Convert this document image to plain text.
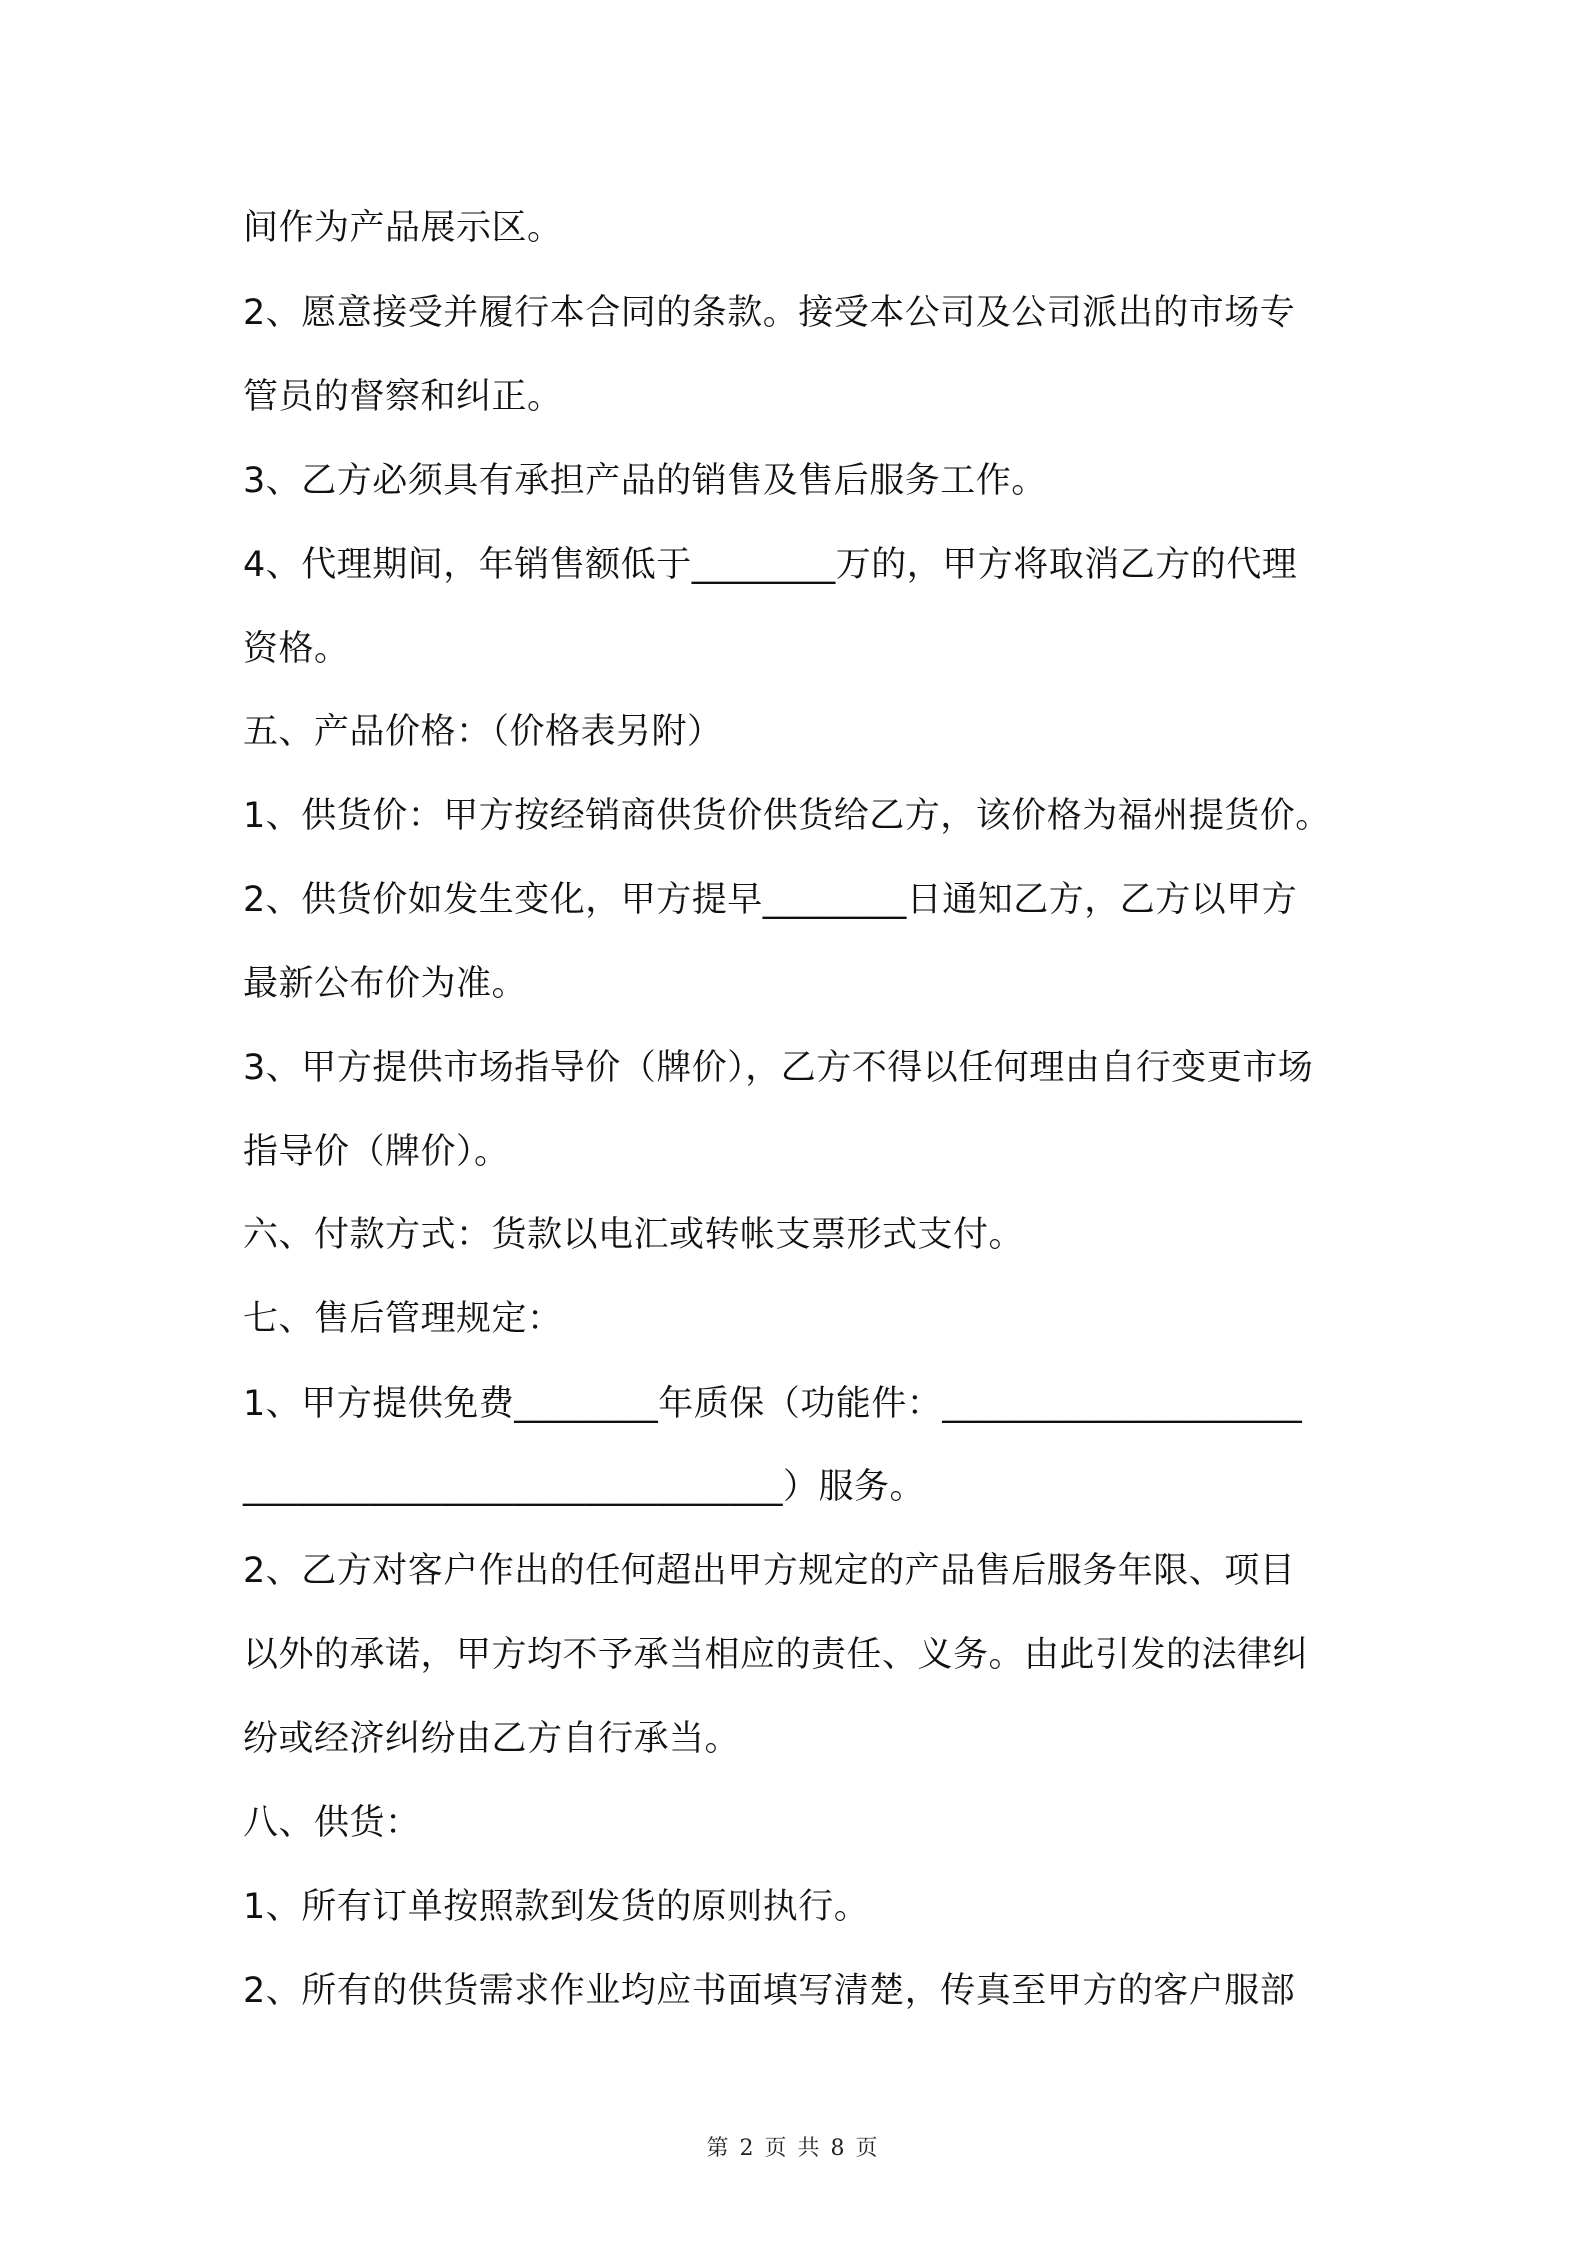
间作为产品展示区。
2、愿意接受并履行本合同的条款。接受本公司及公司派出的市场专
管员的督察和纠正。
3、乙方必须具有承担产品的销售及售后服务工作。
4、代理期间，年销售额低于________万的，甲方将取消乙方的代理
资格。
五、产品价格：（价格表另附）
1、供货价：甲方按经销商供货价供货给乙方，该价格为福州提货价。
2、供货价如发生变化，甲方提早________日通知乙方，乙方以甲方
最新公布价为准。
3、甲方提供市场指导价（牌价），乙方不得以任何理由自行变更市场
指导价（牌价）。
六、付款方式：货款以电汇或转帐支票形式支付。
七、售后管理规定：
1、甲方提供免费________年质保（功能件：____________________
______________________________）服务。
2、乙方对客户作出的任何超出甲方规定的产品售后服务年限、项目
以外的承诺，甲方均不予承当相应的责任、义务。由此引发的法律纠
纷或经济纠纷由乙方自行承当。
八、供货：
1、所有订单按照款到发货的原则执行。
2、所有的供货需求作业均应书面填写清楚，传真至甲方的客户服部
第 2 页 共 8 页
